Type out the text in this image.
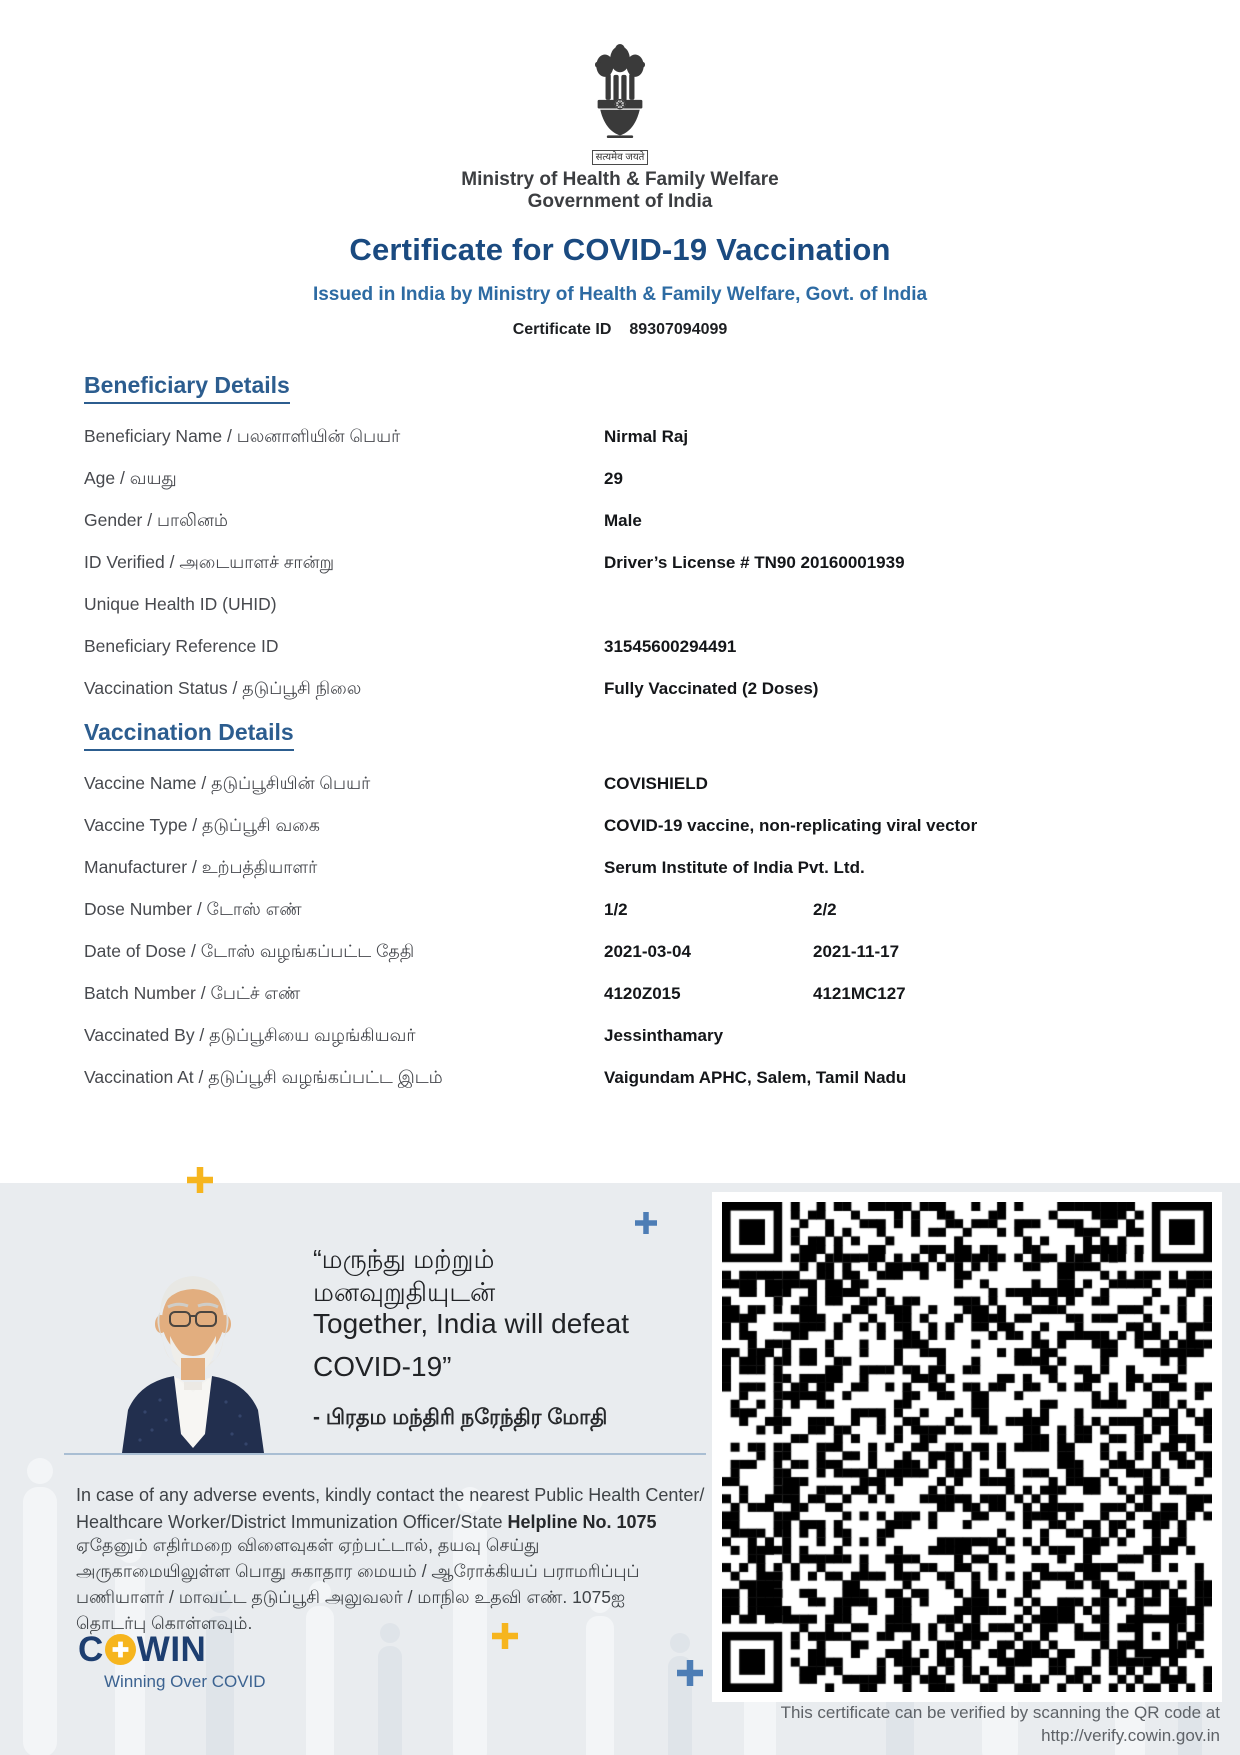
सत्यमेव जयते
Ministry of Health & Family Welfare
Government of India
Certificate for COVID-19 Vaccination
Issued in India by Ministry of Health & Family Welfare, Govt. of India
Certificate ID 89307094099
Beneficiary Details
Beneficiary Name / பலனாளியின் பெயர்	Nirmal Raj
Age / வயது	29
Gender / பாலினம்	Male
ID Verified / அடையாளச் சான்று	Driver’s License # TN90 20160001939
Unique Health ID (UHID)
Beneficiary Reference ID	31545600294491
Vaccination Status / தடுப்பூசி நிலை	Fully Vaccinated (2 Doses)
Vaccination Details
Vaccine Name / தடுப்பூசியின் பெயர்	COVISHIELD
Vaccine Type / தடுப்பூசி வகை	COVID-19 vaccine, non-replicating viral vector
Manufacturer / உற்பத்தியாளர்	Serum Institute of India Pvt. Ltd.
Dose Number / டோஸ் எண்	1/2	2/2
Date of Dose / டோஸ் வழங்கப்பட்ட தேதி	2021-03-04	2021-11-17
Batch Number / பேட்ச் எண்	4120Z015	4121MC127
Vaccinated By / தடுப்பூசியை வழங்கியவர்	Jessinthamary
Vaccination At / தடுப்பூசி வழங்கப்பட்ட இடம்	Vaigundam APHC, Salem, Tamil Nadu
“மருந்து மற்றும்
மனவுறுதியுடன்
Together, India will defeat
COVID-19”
- பிரதம மந்திரி நரேந்திர மோதி
In case of any adverse events, kindly contact the nearest Public Health Center/
Healthcare Worker/District Immunization Officer/State Helpline No. 1075
ஏதேனும் எதிர்மறை விளைவுகள் ஏற்பட்டால், தயவு செய்து அருகாமையிலுள்ள பொது சுகாதார மையம் / ஆரோக்கியப் பராமரிப்புப் பணியாளர் / மாவட்ட தடுப்பூசி அலுவலர் / மாநில உதவி எண். 1075ஐ தொடர்பு கொள்ளவும்.
C WIN
Winning Over COVID
This certificate can be verified by scanning the QR code at
http://verify.cowin.gov.in
